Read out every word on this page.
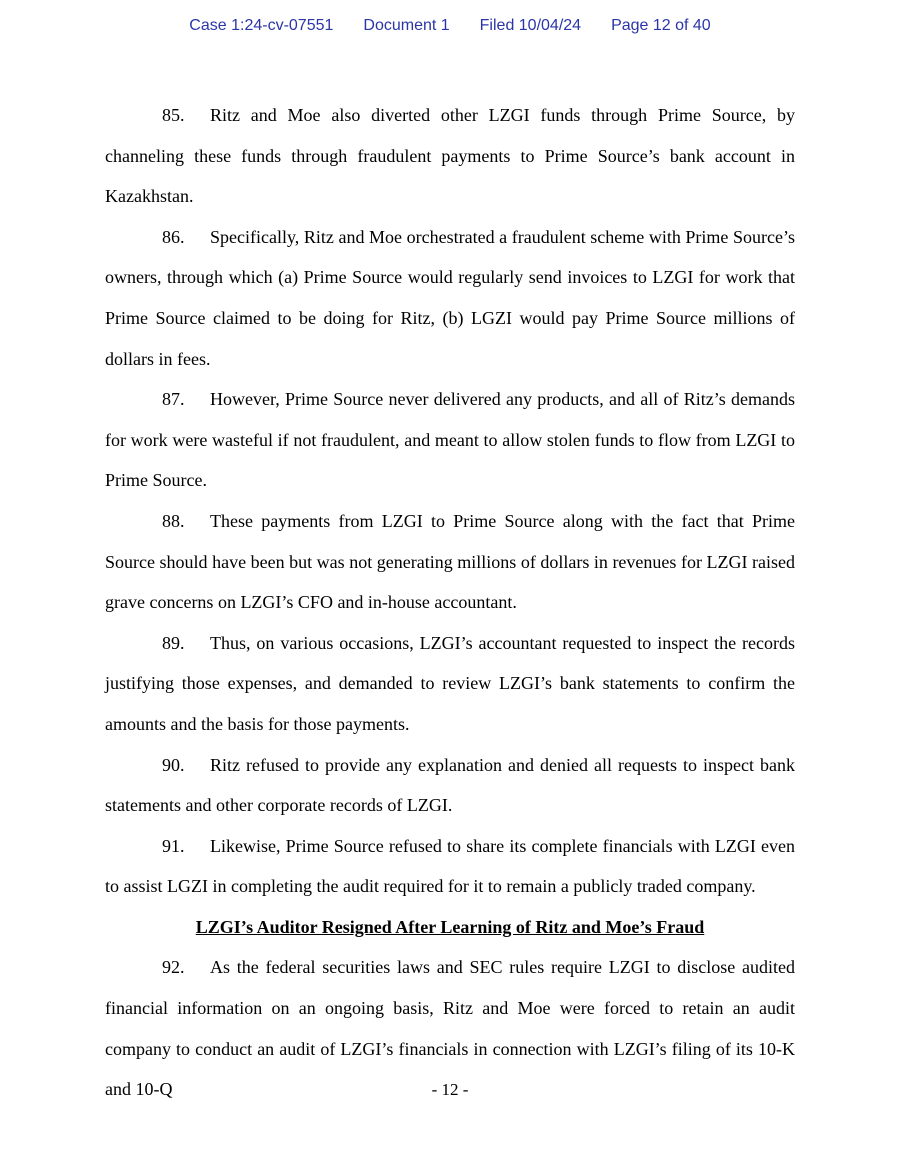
Case 1:24-cv-07551 Document 1 Filed 10/04/24 Page 12 of 40

85. Ritz and Moe also diverted other LZGI funds through Prime Source, by channeling these funds through fraudulent payments to Prime Source’s bank account in Kazakhstan.

86. Specifically, Ritz and Moe orchestrated a fraudulent scheme with Prime Source’s owners, through which (a) Prime Source would regularly send invoices to LZGI for work that Prime Source claimed to be doing for Ritz, (b) LGZI would pay Prime Source millions of dollars in fees.

87. However, Prime Source never delivered any products, and all of Ritz’s demands for work were wasteful if not fraudulent, and meant to allow stolen funds to flow from LZGI to Prime Source.

88. These payments from LZGI to Prime Source along with the fact that Prime Source should have been but was not generating millions of dollars in revenues for LZGI raised grave concerns on LZGI’s CFO and in-house accountant.

89. Thus, on various occasions, LZGI’s accountant requested to inspect the records justifying those expenses, and demanded to review LZGI’s bank statements to confirm the amounts and the basis for those payments.

90. Ritz refused to provide any explanation and denied all requests to inspect bank statements and other corporate records of LZGI.

91. Likewise, Prime Source refused to share its complete financials with LZGI even to assist LGZI in completing the audit required for it to remain a publicly traded company.

LZGI’s Auditor Resigned After Learning of Ritz and Moe’s Fraud

92. As the federal securities laws and SEC rules require LZGI to disclose audited financial information on an ongoing basis, Ritz and Moe were forced to retain an audit company to conduct an audit of LZGI’s financials in connection with LZGI’s filing of its 10-K and 10-Q	- 12 -
